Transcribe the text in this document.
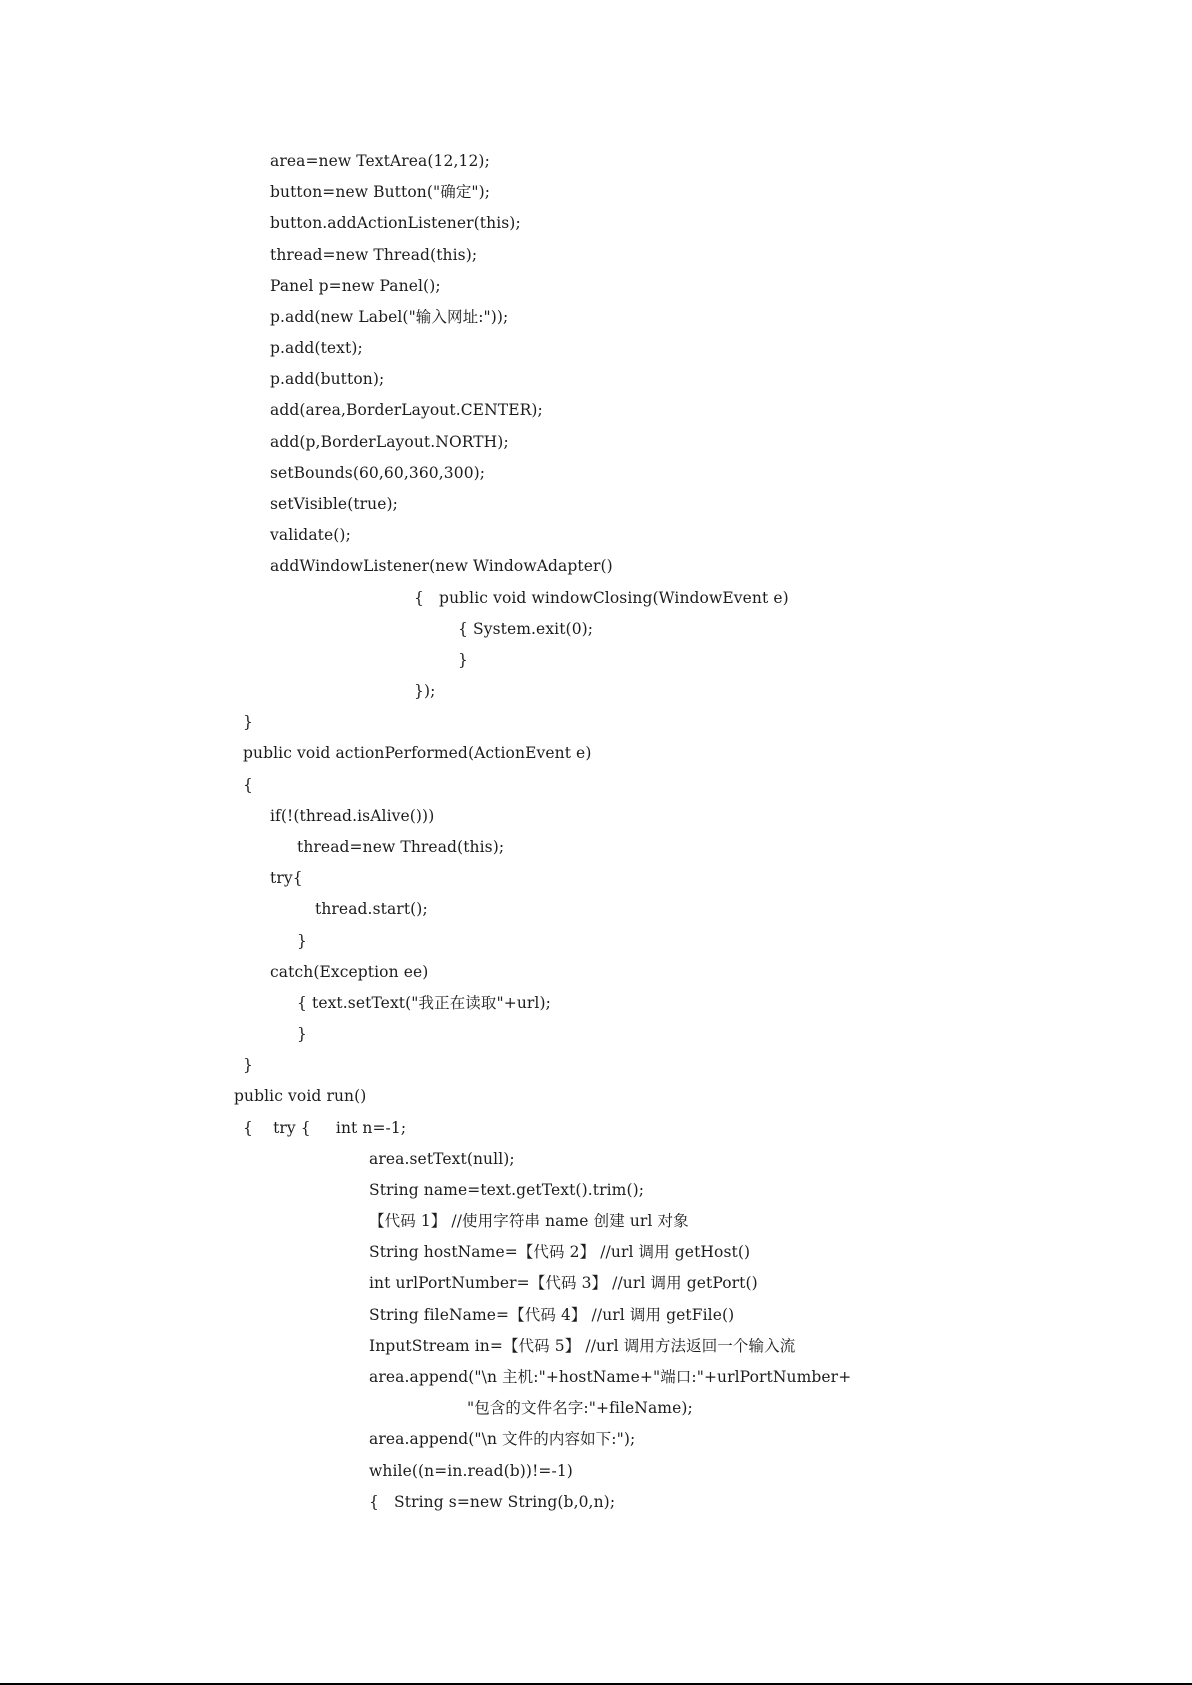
area=new TextArea(12,12);
button=new Button("确定");
button.addActionListener(this);
thread=new Thread(this);
Panel p=new Panel();
p.add(new Label("输入网址:"));
p.add(text);
p.add(button);
add(area,BorderLayout.CENTER);
add(p,BorderLayout.NORTH);
setBounds(60,60,360,300);
setVisible(true);
validate();
addWindowListener(new WindowAdapter()
{   public void windowClosing(WindowEvent e)
{ System.exit(0);
}
});
}
public void actionPerformed(ActionEvent e)
{
if(!(thread.isAlive()))
thread=new Thread(this);
try{
thread.start();
}
catch(Exception ee)
{ text.setText("我正在读取"+url);
}
}
public void run()
{    try {     int n=-1;
area.setText(null);
String name=text.getText().trim();
【代码 1】 //使用字符串 name 创建 url 对象
String hostName=【代码 2】 //url 调用 getHost()
int urlPortNumber=【代码 3】 //url 调用 getPort()
String fileName=【代码 4】 //url 调用 getFile()
InputStream in=【代码 5】 //url 调用方法返回一个输入流
area.append("\n 主机:"+hostName+"端口:"+urlPortNumber+
"包含的文件名字:"+fileName);
area.append("\n 文件的内容如下:");
while((n=in.read(b))!=-1)
{   String s=new String(b,0,n);
